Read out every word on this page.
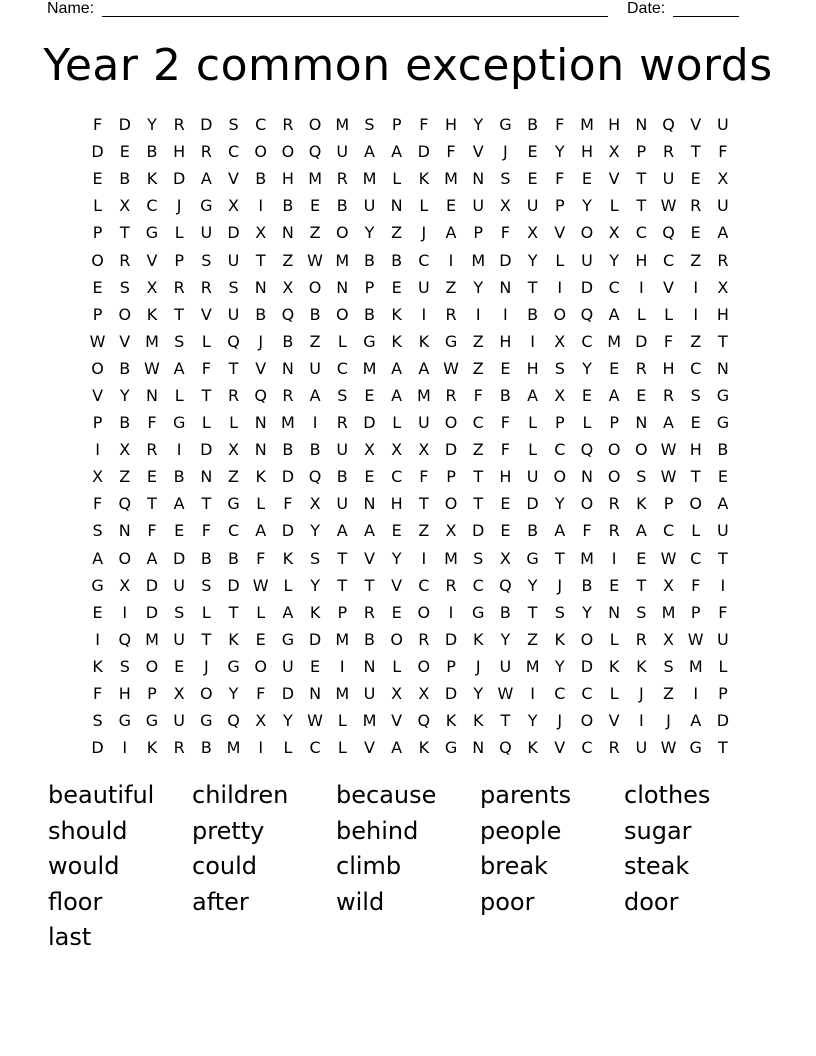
Name:	Date:
Year 2 common exception words
F	D	Y	R D S	C	R O M S	P	F	H	Y	G B	F M H N Q V U
D E	B H R	C O O Q U A	A D	F	V	J	E	Y	H X	P	R	T	F
E	B	K D A	V	B H M R M L	K M N	S	E	F	E	V	T	U	E	X
L	X	C	J	G X	I	B	E	B U N	L	E	U X U	P	Y	L	T W R U
P	T	G	L	U D X N Z O	Y	Z	J	A	P	F	X	V O X	C Q E	A
O R	V	P	S	U	T	Z W M B	B	C	I	M D	Y	L	U	Y	H C	Z	R
E	S	X	R	R	S	N X O N	P	E	U Z	Y	N	T	I	D C	I	V	I	X
P	O K	T	V U B Q B O B	K	I	R	I	I	B O Q A	L	L	I	H
W V M S	L	Q	J	B	Z	L	G K	K G Z H	I	X	C M D	F	Z	T
O B W A	F	T	V N U C M A	A W Z	E	H	S	Y	E	R H C N
V	Y	N	L	T	R Q R	A	S	E	A M R	F	B	A	X	E	A	E	R	S G
P	B	F	G	L	L	N M	I	R D	L	U O C	F	L	P	L	P	N A	E G
I	X	R	I	D X N B	B U X	X	X D Z	F	L	C Q O O W H B
X	Z	E	B N Z	K D Q B	E	C	F	P	T	H U O N O S W T	E
F	Q	T	A	T	G	L	F	X U N H	T	O	T	E D	Y	O R	K	P	O A
S	N	F	E	F	C	A D	Y	A	A	E	Z	X D E	B	A	F	R	A	C	L	U
A O A D B	B	F	K	S	T	V	Y	I	M S	X G	T M	I	E W C	T
G X D U	S D W L	Y	T	T	V	C	R	C Q	Y	J	B	E	T	X	F	I
E	I	D S	L	T	L	A	K	P	R	E O	I	G B	T	S	Y	N	S M P	F
I	Q M U	T	K	E G D M B O R D K	Y	Z	K O	L	R	X W U
K	S O E	J	G O U	E	I	N	L	O	P	J	U M Y	D K	K	S M L
F	H	P	X O	Y	F	D N M U X	X D	Y W	I	C	C	L	J	Z	I	P
S G G U G Q X	Y W L M V Q K	K	T	Y	J	O V	I	J	A D
D	I	K	R	B M	I	L	C	L	V	A	K G N Q K	V	C	R U W G	T
beautiful	children	because	parents	clothes
should	pretty	behind	people	sugar
would	could	climb	break	steak
floor	after	wild	poor	door
last
